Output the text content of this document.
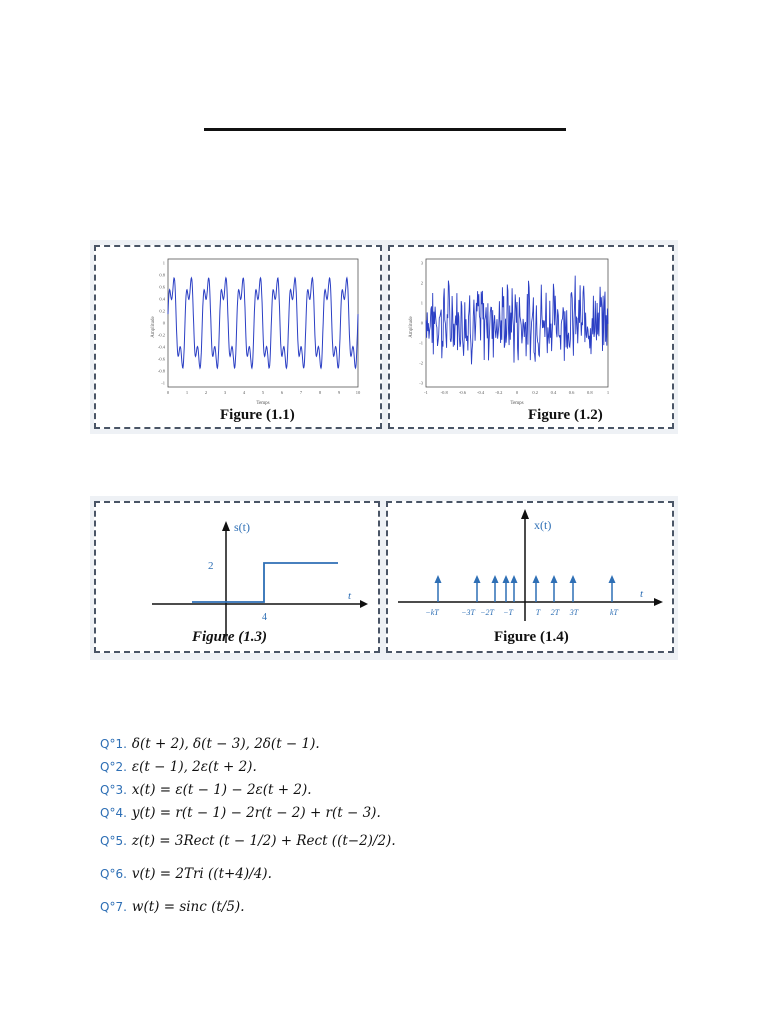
Amplitude
Temps
1
0.8
0.6
0.4
0.2
0
-0.2
-0.4
-0.6
-0.8
-1
0	1	2	3	4	5	6	7	8	9	10
Figure (1.1)
Amplitude
Temps
3
2
1
0
-1
-2
-3
-1	-0.8 -0.6 -0.4 -0.2	0	0.2	0.4	0.6	0.8	1
Figure (1.2)
s(t)
t
2
4
Figure (1.3)
x(t)
t
−kT	−3T −2T −T	T 2T 3T	kT
Figure (1.4)
Q°1. δ(t + 2), δ(t − 3), 2δ(t − 1).
Q°2. ε(t − 1), 2ε(t + 2).
Q°3. x(t) = ε(t − 1) − 2ε(t + 2).
Q°4. y(t) = r(t − 1) − 2r(t − 2) + r(t − 3).
Q°5. z(t) = 3Rect (t − 1/2) + Rect ((t−2)/2).
Q°6. v(t) = 2Tri ((t+4)/4).
Q°7. w(t) = sinc (t/5).
